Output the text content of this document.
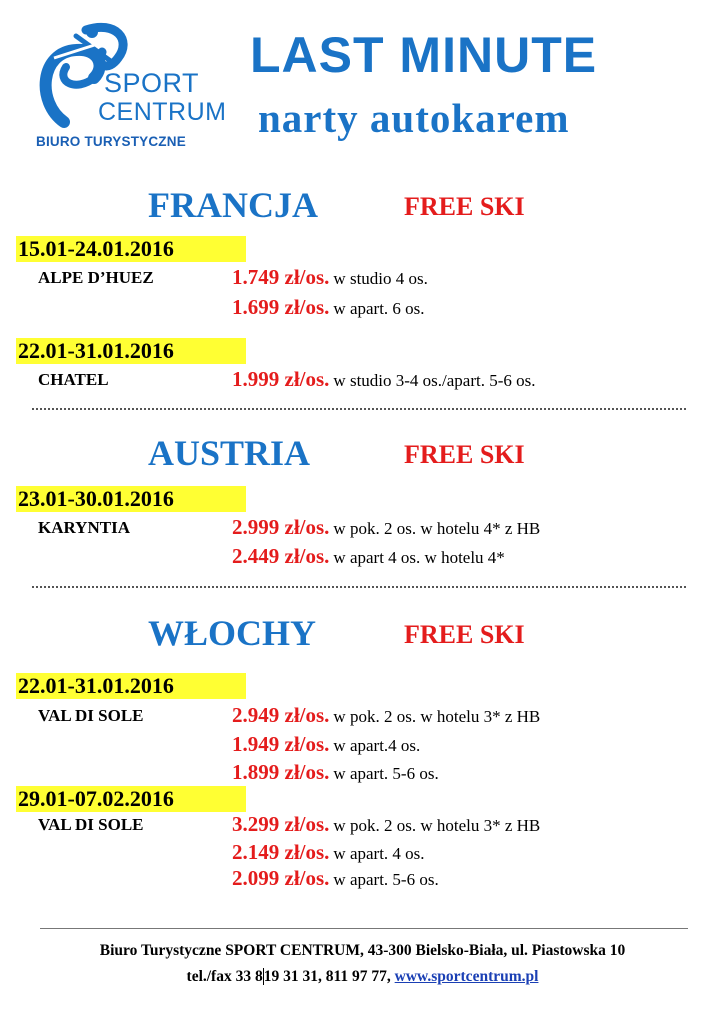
SPORT
CENTRUM
BIURO TURYSTYCZNE
LAST MINUTE
narty autokarem
FRANCJA	FREE SKI
15.01-24.01.2016
ALPE D’HUEZ	1.749 zł/os. w studio 4 os.
1.699 zł/os. w apart. 6 os.
22.01-31.01.2016
CHATEL	1.999 zł/os. w studio 3-4 os./apart. 5-6 os.
AUSTRIA	FREE SKI
23.01-30.01.2016
KARYNTIA	2.999 zł/os. w pok. 2 os. w hotelu 4* z HB
2.449 zł/os. w apart 4 os. w hotelu 4*
WŁOCHY	FREE SKI
22.01-31.01.2016
VAL DI SOLE	2.949 zł/os. w pok. 2 os. w hotelu 3* z HB
1.949 zł/os. w apart.4 os.
1.899 zł/os. w apart. 5-6 os.
29.01-07.02.2016
VAL DI SOLE	3.299 zł/os. w pok. 2 os. w hotelu 3* z HB
2.149 zł/os. w apart. 4 os.
2.099 zł/os. w apart. 5-6 os.
Biuro Turystyczne SPORT CENTRUM, 43-300 Bielsko-Biała, ul. Piastowska 10
tel./fax 33 819 31 31, 811 97 77, www.sportcentrum.pl
